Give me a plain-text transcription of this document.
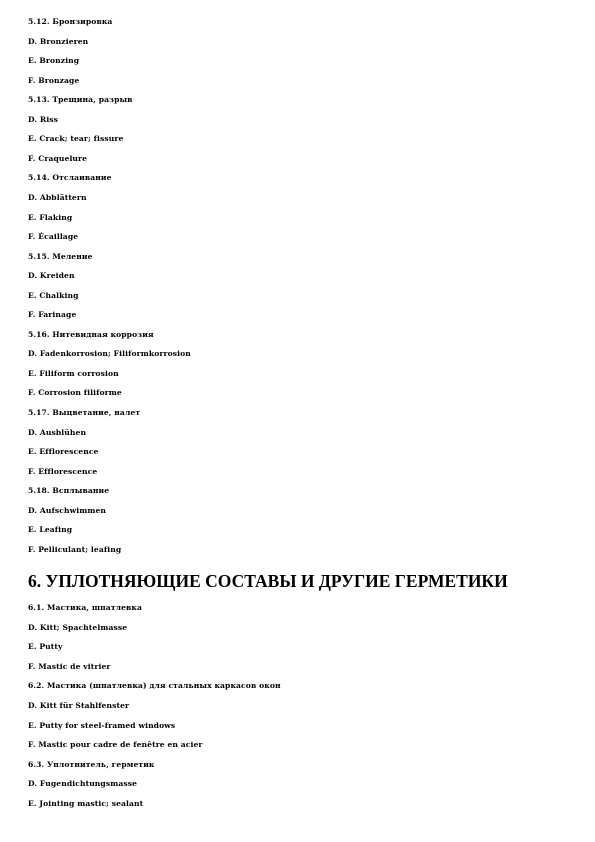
5.12. Бронзировка
D. Bronzieren
E. Bronzing
F. Bronzage
5.13. Трещина, разрыв
D. Riss
E. Crack; tear; fissure
F. Craquelure
5.14. Отслаивание
D. Abblättern
E. Flaking
F. Écaillage
5.15. Меление
D. Kreiden
E. Chalking
F. Farinage
5.16. Нитевидная коррозия
D. Fadenkorrosion; Filiformkorrosion
E. Filiform corrosion
F. Corrosion filiforme
5.17. Выцветание, налет
D. Ausblühen
E. Efflorescence
F. Efflorescence
5.18. Всплывание
D. Aufschwimmen
E. Leafing
F. Pelliculant; leafing
6. УПЛОТНЯЮЩИЕ СОСТАВЫ И ДРУГИЕ ГЕРМЕТИКИ
6.1. Мастика, шпатлевка
D. Kitt; Spachtelmasse
E. Putty
F. Mastic de vitrier
6.2. Мастика (шпатлевка) для стальных каркасов окон
D. Kitt für Stahlfenster
E. Putty for steel-framed windows
F. Mastic pour cadre de fenêtre en acier
6.3. Уплотнитель, герметик
D. Fugendichtungsmasse
E. Jointing mastic; sealant
